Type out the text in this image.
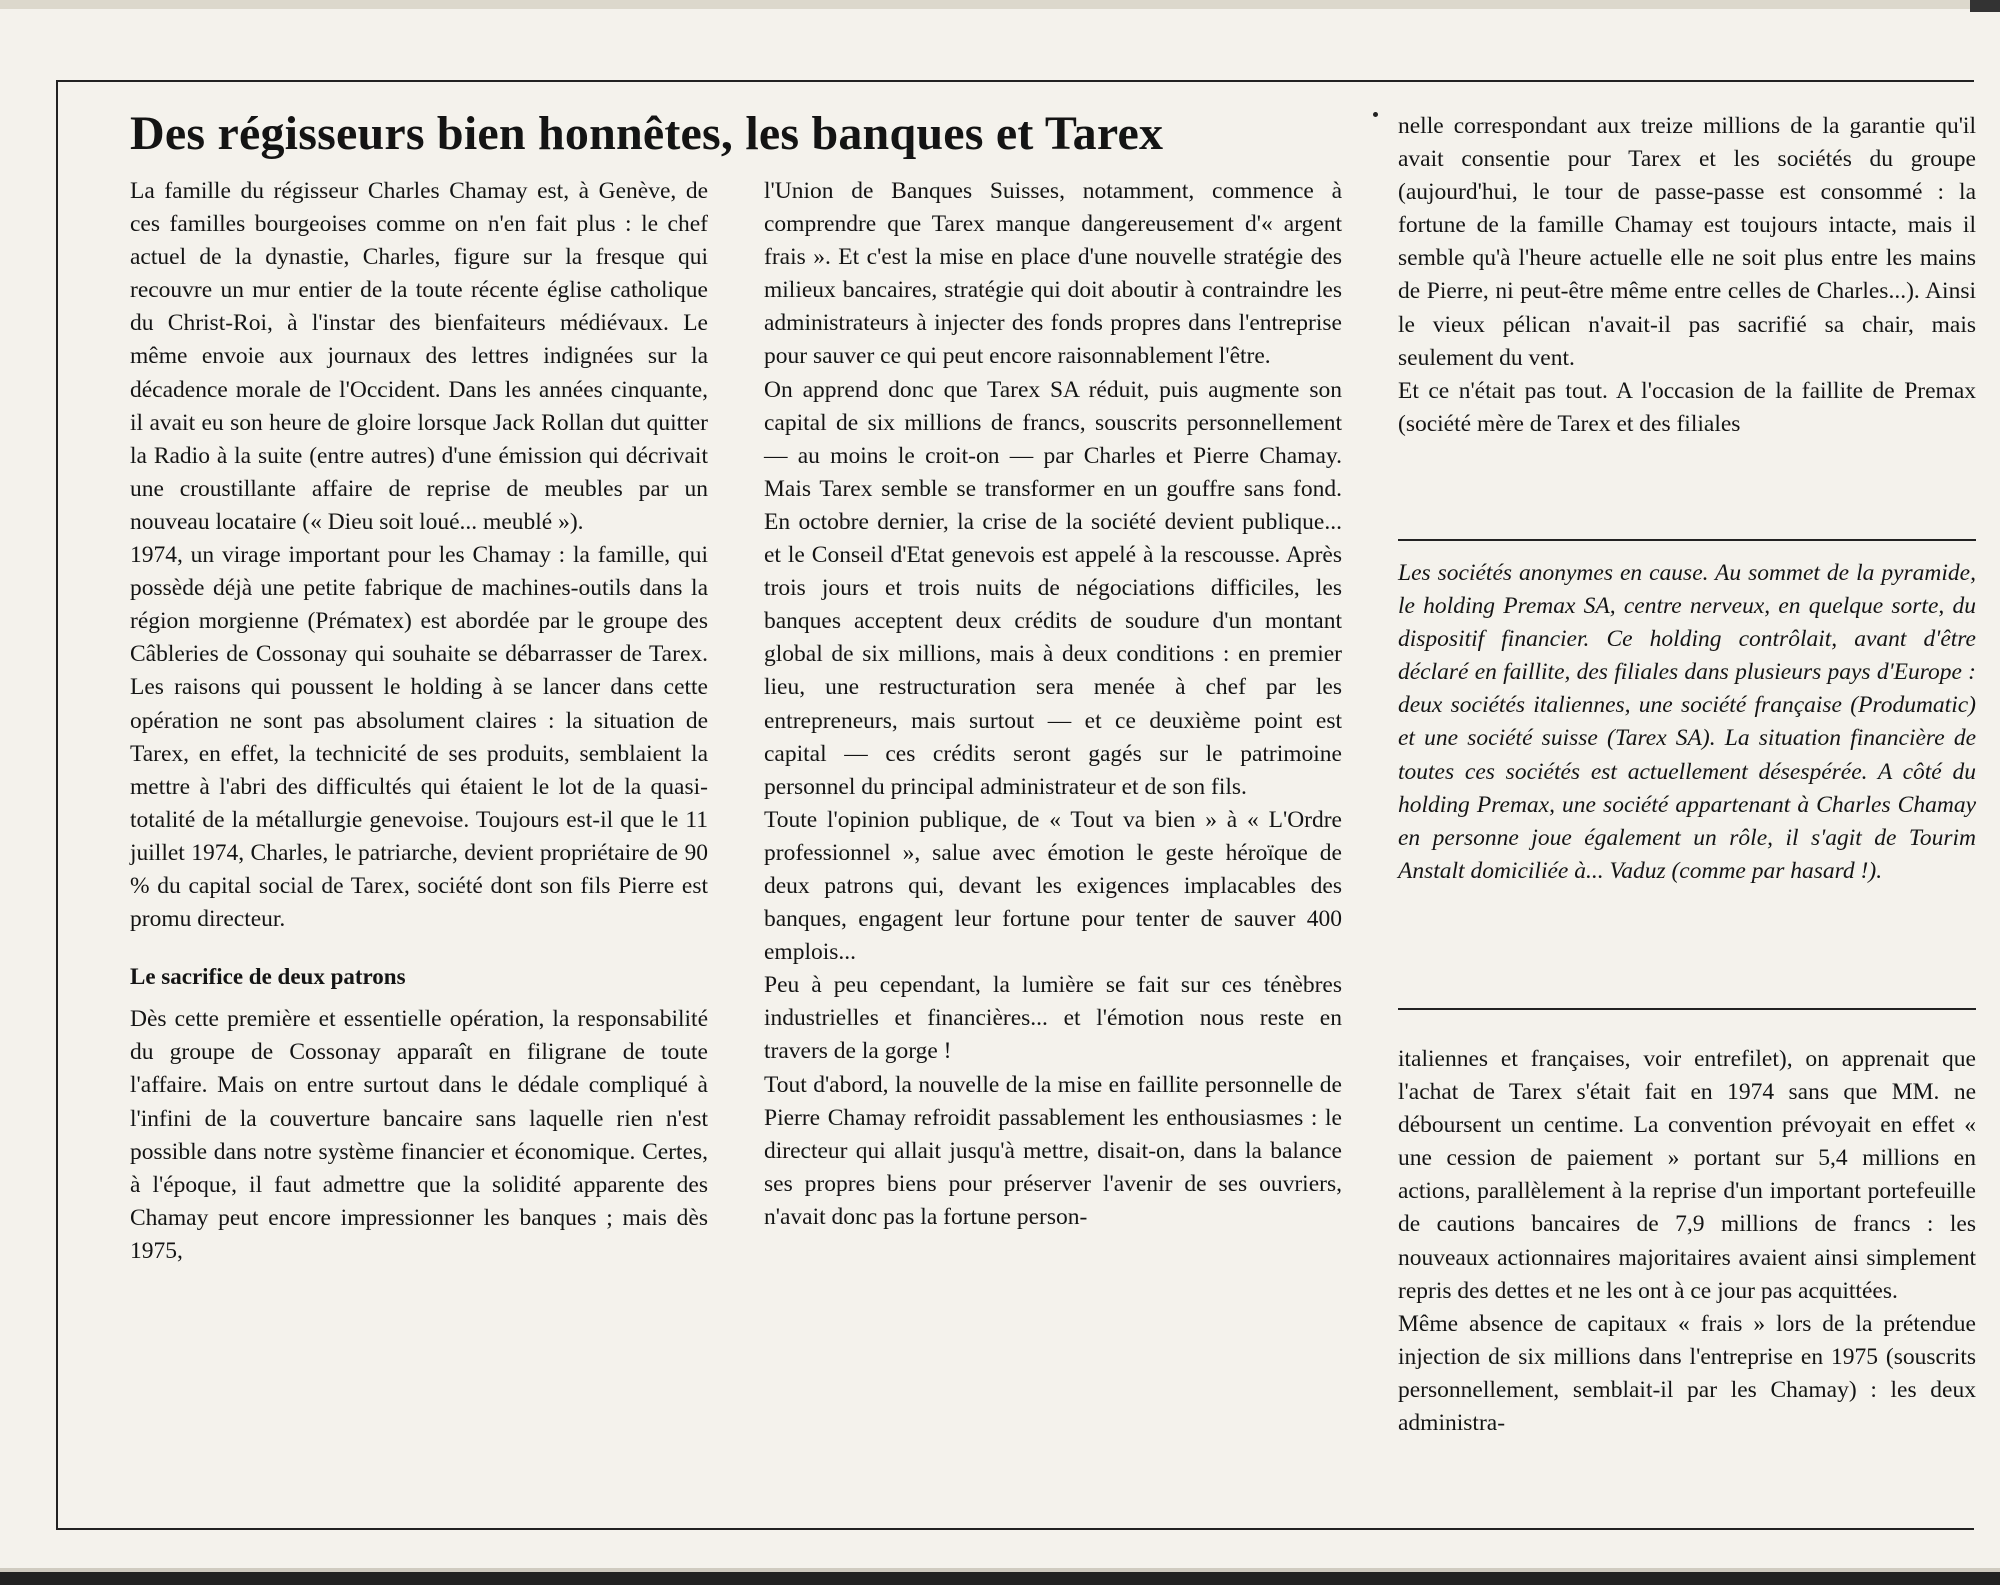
Des régisseurs bien honnêtes, les banques et Tarex

La famille du régisseur Charles Chamay est, à Genève, de ces familles bourgeoises comme on n'en fait plus : le chef actuel de la dynastie, Charles, figure sur la fresque qui recouvre un mur entier de la toute récente église catholique du Christ-Roi, à l'instar des bienfaiteurs médiévaux. Le même envoie aux journaux des lettres indignées sur la décadence morale de l'Occident. Dans les années cinquante, il avait eu son heure de gloire lorsque Jack Rollan dut quitter la Radio à la suite (entre autres) d'une émission qui décrivait une croustillante affaire de reprise de meubles par un nouveau locataire (« Dieu soit loué... meublé »).

1974, un virage important pour les Chamay : la famille, qui possède déjà une petite fabrique de machines-outils dans la région morgienne (Prématex) est abordée par le groupe des Câbleries de Cossonay qui souhaite se débarrasser de Tarex. Les raisons qui poussent le holding à se lancer dans cette opération ne sont pas absolument claires : la situation de Tarex, en effet, la technicité de ses produits, semblaient la mettre à l'abri des difficultés qui étaient le lot de la quasi-totalité de la métallurgie genevoise. Toujours est-il que le 11 juillet 1974, Charles, le patriarche, devient propriétaire de 90 % du capital social de Tarex, société dont son fils Pierre est promu directeur.

Le sacrifice de deux patrons

Dès cette première et essentielle opération, la responsabilité du groupe de Cossonay apparaît en filigrane de toute l'affaire. Mais on entre surtout dans le dédale compliqué à l'infini de la couverture bancaire sans laquelle rien n'est possible dans notre système financier et économique. Certes, à l'époque, il faut admettre que la solidité apparente des Chamay peut encore impressionner les banques ; mais dès 1975,

l'Union de Banques Suisses, notamment, commence à comprendre que Tarex manque dangereusement d'« argent frais ». Et c'est la mise en place d'une nouvelle stratégie des milieux bancaires, stratégie qui doit aboutir à contraindre les administrateurs à injecter des fonds propres dans l'entreprise pour sauver ce qui peut encore raisonnablement l'être.

On apprend donc que Tarex SA réduit, puis augmente son capital de six millions de francs, souscrits personnellement — au moins le croit-on — par Charles et Pierre Chamay. Mais Tarex semble se transformer en un gouffre sans fond. En octobre dernier, la crise de la société devient publique... et le Conseil d'Etat genevois est appelé à la rescousse. Après trois jours et trois nuits de négociations difficiles, les banques acceptent deux crédits de soudure d'un montant global de six millions, mais à deux conditions : en premier lieu, une restructuration sera menée à chef par les entrepreneurs, mais surtout — et ce deuxième point est capital — ces crédits seront gagés sur le patrimoine personnel du principal administrateur et de son fils.

Toute l'opinion publique, de « Tout va bien » à « L'Ordre professionnel », salue avec émotion le geste héroïque de deux patrons qui, devant les exigences implacables des banques, engagent leur fortune pour tenter de sauver 400 emplois...

Peu à peu cependant, la lumière se fait sur ces ténèbres industrielles et financières... et l'émotion nous reste en travers de la gorge !

Tout d'abord, la nouvelle de la mise en faillite personnelle de Pierre Chamay refroidit passablement les enthousiasmes : le directeur qui allait jusqu'à mettre, disait-on, dans la balance ses propres biens pour préserver l'avenir de ses ouvriers, n'avait donc pas la fortune person-

nelle correspondant aux treize millions de la garantie qu'il avait consentie pour Tarex et les sociétés du groupe (aujourd'hui, le tour de passe-passe est consommé : la fortune de la famille Chamay est toujours intacte, mais il semble qu'à l'heure actuelle elle ne soit plus entre les mains de Pierre, ni peut-être même entre celles de Charles...). Ainsi le vieux pélican n'avait-il pas sacrifié sa chair, mais seulement du vent.

Et ce n'était pas tout. A l'occasion de la faillite de Premax (société mère de Tarex et des filiales

Les sociétés anonymes en cause. Au sommet de la pyramide, le holding Premax SA, centre nerveux, en quelque sorte, du dispositif financier. Ce holding contrôlait, avant d'être déclaré en faillite, des filiales dans plusieurs pays d'Europe : deux sociétés italiennes, une société française (Produmatic) et une société suisse (Tarex SA). La situation financière de toutes ces sociétés est actuellement désespérée. A côté du holding Premax, une société appartenant à Charles Chamay en personne joue également un rôle, il s'agit de Tourim Anstalt domiciliée à... Vaduz (comme par hasard !).

italiennes et françaises, voir entrefilet), on apprenait que l'achat de Tarex s'était fait en 1974 sans que MM. ne déboursent un centime. La convention prévoyait en effet « une cession de paiement » portant sur 5,4 millions en actions, parallèlement à la reprise d'un important portefeuille de cautions bancaires de 7,9 millions de francs : les nouveaux actionnaires majoritaires avaient ainsi simplement repris des dettes et ne les ont à ce jour pas acquittées.

Même absence de capitaux « frais » lors de la prétendue injection de six millions dans l'entreprise en 1975 (souscrits personnellement, semblait-il par les Chamay) : les deux administra-
